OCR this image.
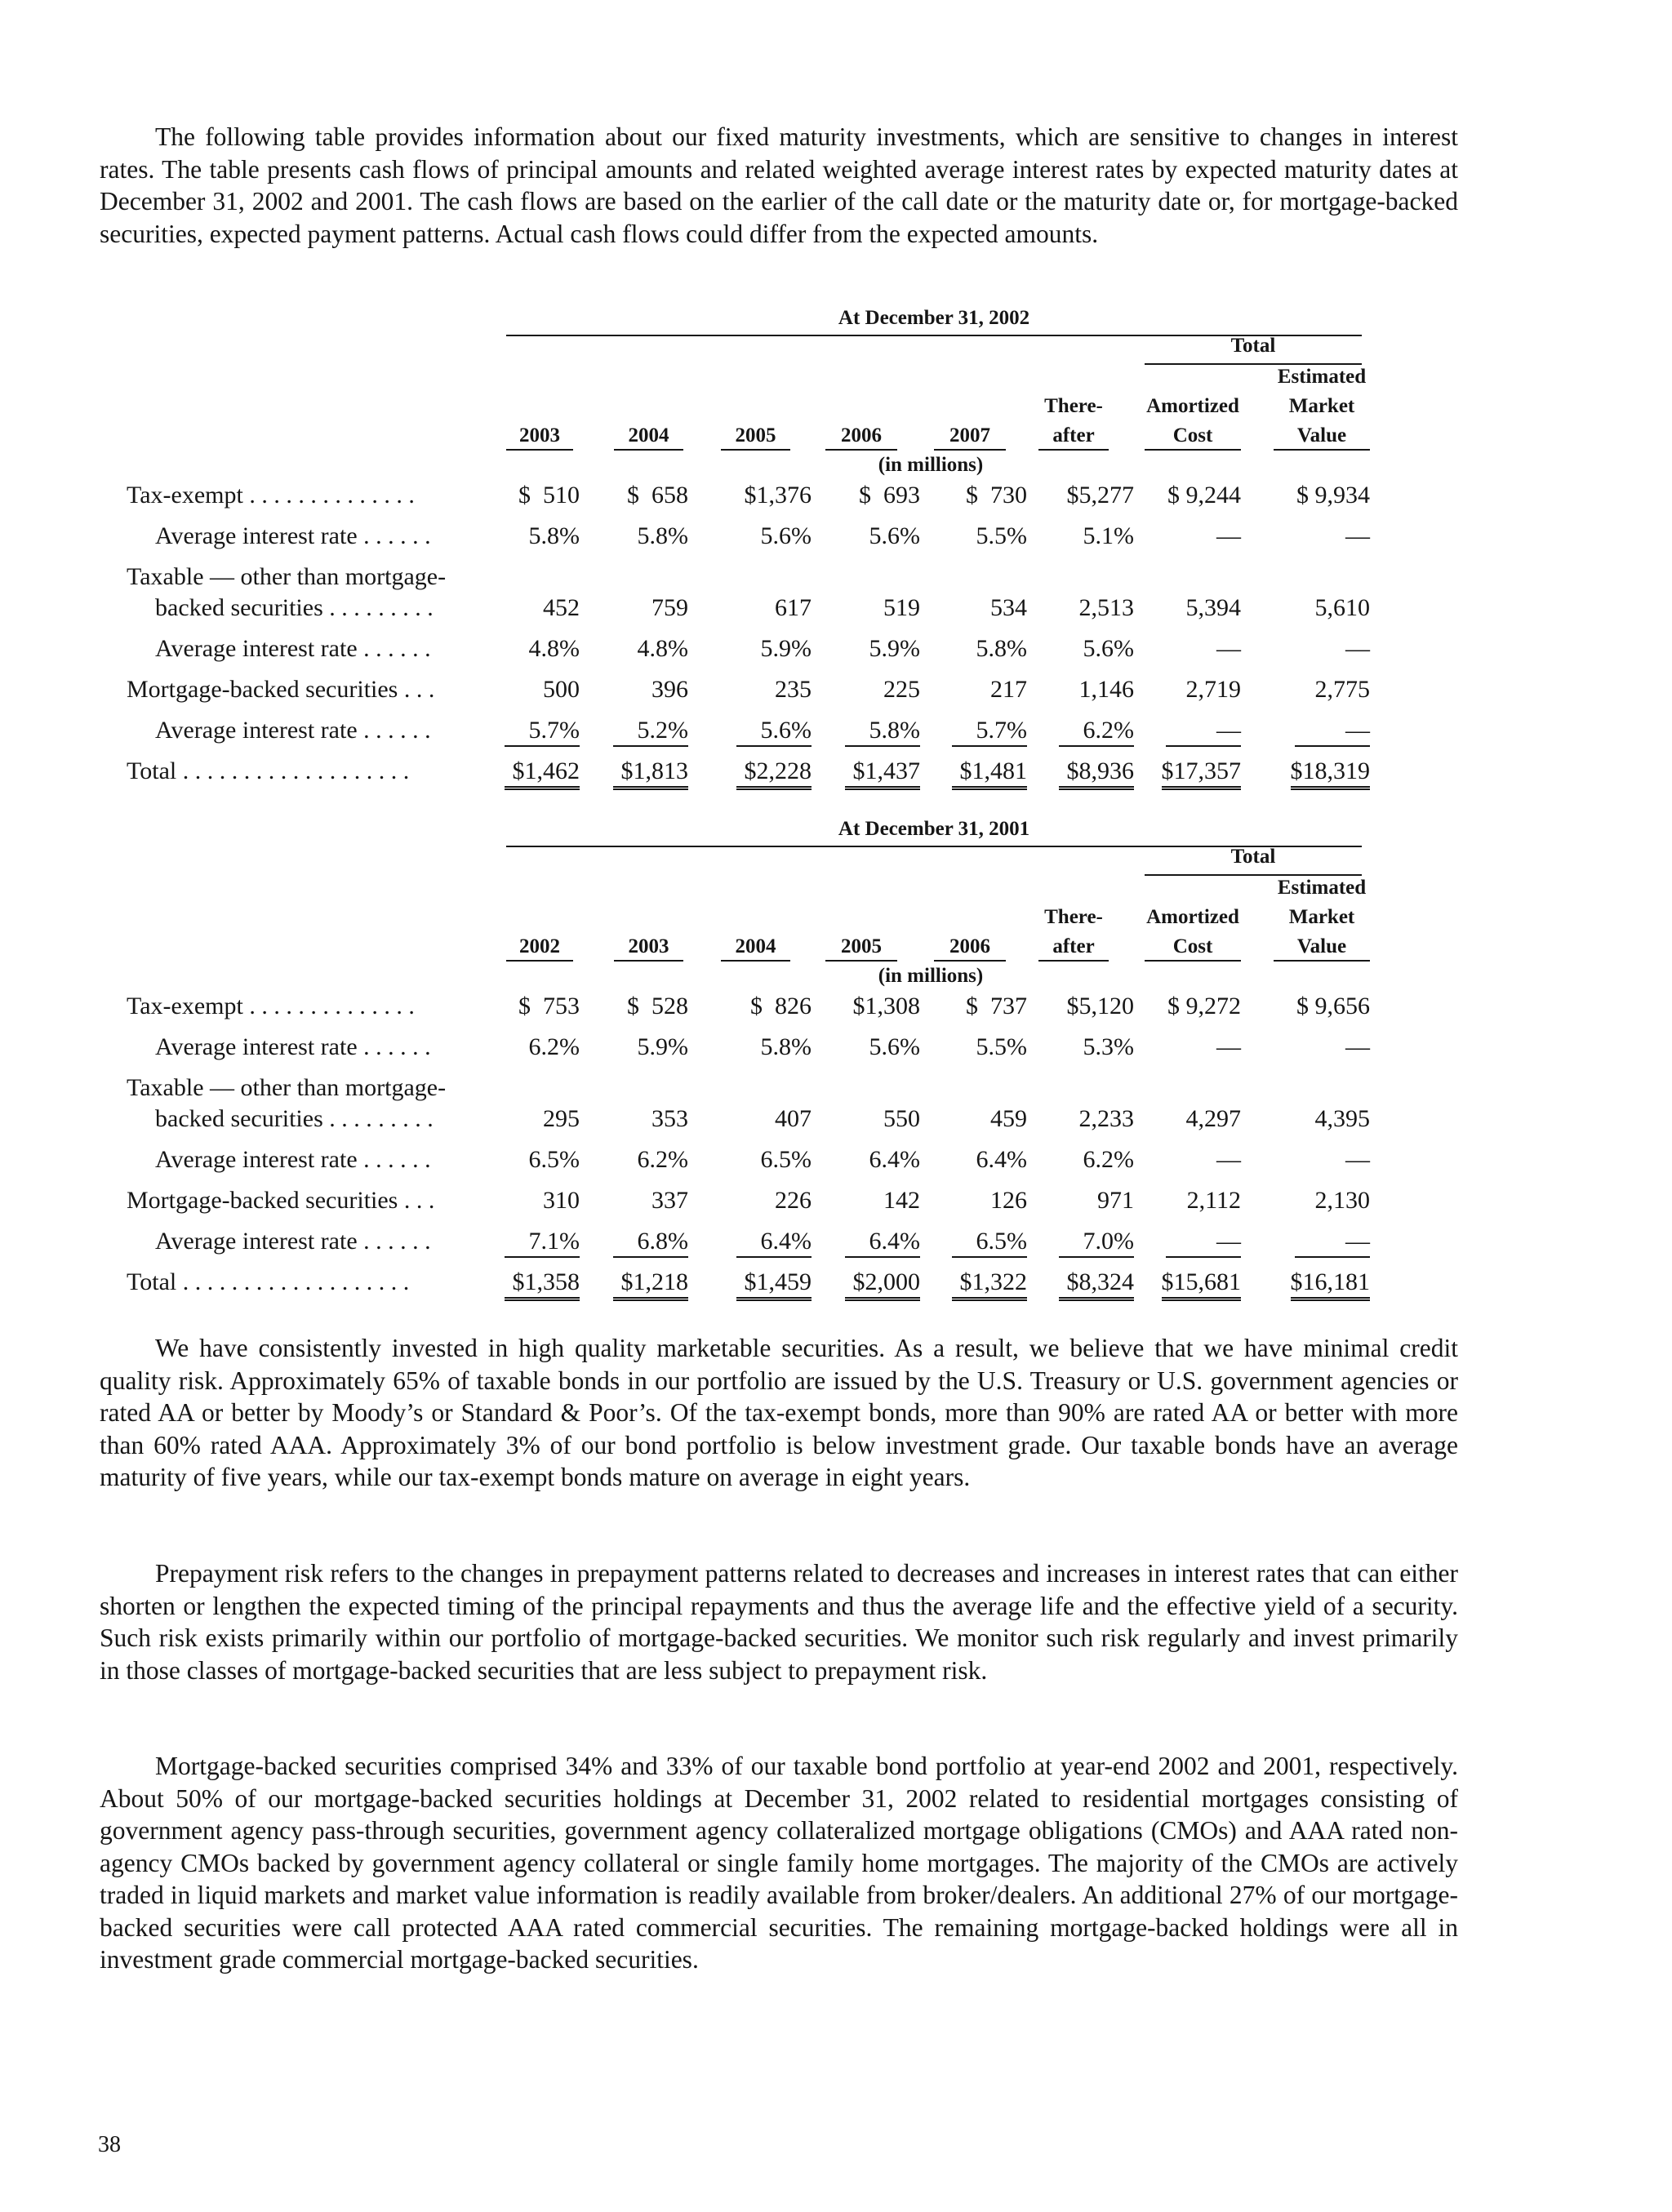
The following table provides information about our fixed maturity investments, which are sensitive to changes in interest rates. The table presents cash flows of principal amounts and related weighted average interest rates by expected maturity dates at December 31, 2002 and 2001. The cash flows are based on the earlier of the call date or the maturity date or, for mortgage-backed securities, expected payment patterns. Actual cash flows could differ from the expected amounts.

At December 31, 2002
Total
2003	2004	2005	2006	2007
There-
after
Amortized
Cost
Estimated
Market
Value
(in millions)
Tax-exempt . . . . . . . . . . . . . .	$  510	$  658	$1,376	$  693	$  730	$5,277	$ 9,244	$ 9,934
Average interest rate . . . . . .	5.8%	5.8%	5.6%	5.6%	5.5%	5.1%	—	—
Taxable — other than mortgage-
backed securities . . . . . . . . .	452	759	617	519	534	2,513	5,394	5,610
Average interest rate . . . . . .	4.8%	4.8%	5.9%	5.9%	5.8%	5.6%	—	—
Mortgage-backed securities . . .	500	396	235	225	217	1,146	2,719	2,775
Average interest rate . . . . . .	5.7%	5.2%	5.6%	5.8%	5.7%	6.2%	—	—
Total . . . . . . . . . . . . . . . . . . .	$1,462	$1,813	$2,228	$1,437	$1,481	$8,936	$17,357	$18,319
At December 31, 2001
Total
2002	2003	2004	2005	2006
There-
after
Amortized
Cost
Estimated
Market
Value
(in millions)
Tax-exempt . . . . . . . . . . . . . .	$  753	$  528	$  826	$1,308	$  737	$5,120	$ 9,272	$ 9,656
Average interest rate . . . . . .	6.2%	5.9%	5.8%	5.6%	5.5%	5.3%	—	—
Taxable — other than mortgage-
backed securities . . . . . . . . .	295	353	407	550	459	2,233	4,297	4,395
Average interest rate . . . . . .	6.5%	6.2%	6.5%	6.4%	6.4%	6.2%	—	—
Mortgage-backed securities . . .	310	337	226	142	126	971	2,112	2,130
Average interest rate . . . . . .	7.1%	6.8%	6.4%	6.4%	6.5%	7.0%	—	—
Total . . . . . . . . . . . . . . . . . . .	$1,358	$1,218	$1,459	$2,000	$1,322	$8,324	$15,681	$16,181

We have consistently invested in high quality marketable securities. As a result, we believe that we have minimal credit quality risk. Approximately 65% of taxable bonds in our portfolio are issued by the U.S. Treasury or U.S. government agencies or rated AA or better by Moody’s or Standard & Poor’s. Of the tax-exempt bonds, more than 90% are rated AA or better with more than 60% rated AAA. Approximately 3% of our bond portfolio is below investment grade. Our taxable bonds have an average maturity of five years, while our tax-exempt bonds mature on average in eight years.

Prepayment risk refers to the changes in prepayment patterns related to decreases and increases in interest rates that can either shorten or lengthen the expected timing of the principal repayments and thus the average life and the effective yield of a security. Such risk exists primarily within our portfolio of mortgage-backed securities. We monitor such risk regularly and invest primarily in those classes of mortgage-backed securities that are less subject to prepayment risk.

Mortgage-backed securities comprised 34% and 33% of our taxable bond portfolio at year-end 2002 and 2001, respectively. About 50% of our mortgage-backed securities holdings at December 31, 2002 related to residential mortgages consisting of government agency pass-through securities, government agency collateralized mortgage obligations (CMOs) and AAA rated non-agency CMOs backed by government agency collateral or single family home mortgages. The majority of the CMOs are actively traded in liquid markets and market value information is readily available from broker/dealers. An additional 27% of our mortgage-backed securities were call protected AAA rated commercial securities. The remaining mortgage-backed holdings were all in investment grade commercial mortgage-backed securities.

38
